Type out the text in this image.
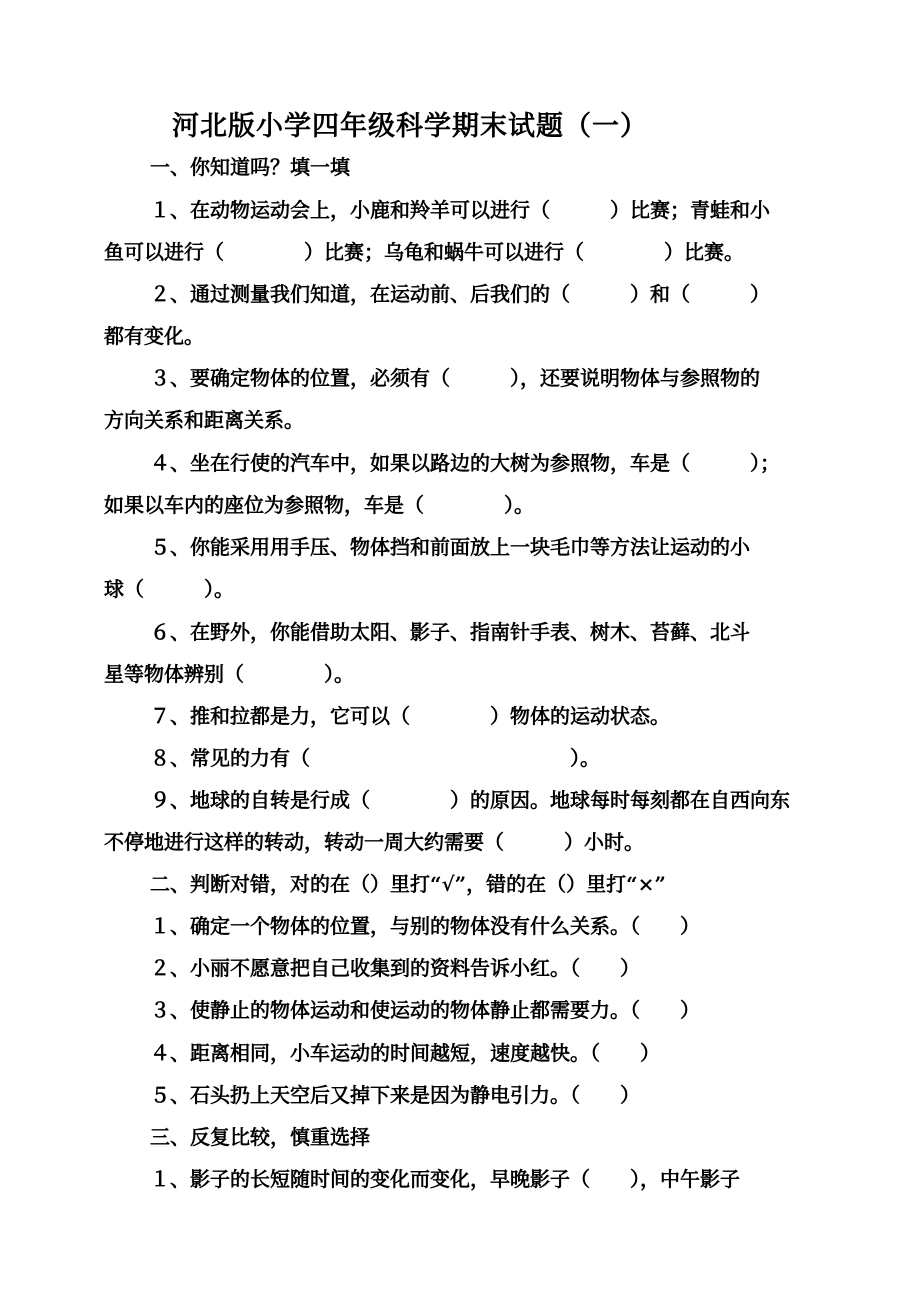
河北版小学四年级科学期末试题（一）
一、你知道吗？填一填
１、在动物运动会上，小鹿和羚羊可以进行（　　　）比赛；青蛙和小
鱼可以进行（　　　　）比赛；乌龟和蜗牛可以进行（　　　　）比赛。
２、通过测量我们知道，在运动前、后我们的（　　　）和（　　　）
都有变化。
３、要确定物体的位置，必须有（　　　），还要说明物体与参照物的
方向关系和距离关系。
４、坐在行使的汽车中，如果以路边的大树为参照物，车是（　　　）；
如果以车内的座位为参照物，车是（　　　　）。
５、你能采用用手压、物体挡和前面放上一块毛巾等方法让运动的小
球（　　　）。
６、在野外，你能借助太阳、影子、指南针手表、树木、苔藓、北斗
星等物体辨别（　　　　）。
７、推和拉都是力，它可以（　　　　）物体的运动状态。
８、常见的力有（　　　　　　　　　　　　　）。
９、地球的自转是行成（　　　　）的原因。地球每时每刻都在自西向东
不停地进行这样的转动，转动一周大约需要（　　　）小时。
二、判断对错，对的在（）里打“√”，错的在（）里打“×”
１、确定一个物体的位置，与别的物体没有什么关系。（　　）
２、小丽不愿意把自己收集到的资料告诉小红。（　　）
３、使静止的物体运动和使运动的物体静止都需要力。（　　）
４、距离相同，小车运动的时间越短，速度越快。（　　）
５、石头扔上天空后又掉下来是因为静电引力。（　　）
三、反复比较，慎重选择
１、影子的长短随时间的变化而变化，早晚影子（　　），中午影子
